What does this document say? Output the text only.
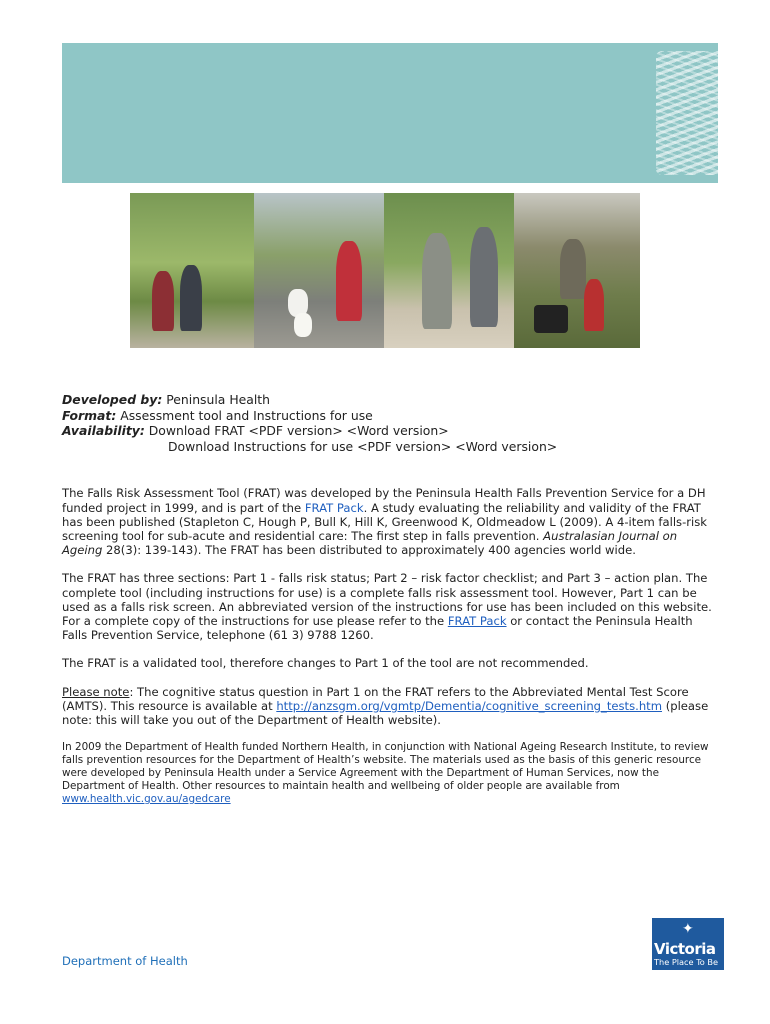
Developed by: Peninsula Health
Format: Assessment tool and Instructions for use
Availability: Download FRAT <PDF version> <Word version>
Download Instructions for use <PDF version> <Word version>

The Falls Risk Assessment Tool (FRAT) was developed by the Peninsula Health Falls Prevention Service for a DH funded project in 1999, and is part of the FRAT Pack. A study evaluating the reliability and validity of the FRAT has been published (Stapleton C, Hough P, Bull K, Hill K, Greenwood K, Oldmeadow L (2009). A 4-item falls-risk screening tool for sub-acute and residential care: The first step in falls prevention. Australasian Journal on Ageing 28(3): 139-143). The FRAT has been distributed to approximately 400 agencies world wide.

The FRAT has three sections: Part 1 - falls risk status; Part 2 – risk factor checklist; and Part 3 – action plan. The complete tool (including instructions for use) is a complete falls risk assessment tool. However, Part 1 can be used as a falls risk screen. An abbreviated version of the instructions for use has been included on this website. For a complete copy of the instructions for use please refer to the FRAT Pack or contact the Peninsula Health Falls Prevention Service, telephone (61 3) 9788 1260.

The FRAT is a validated tool, therefore changes to Part 1 of the tool are not recommended.

Please note: The cognitive status question in Part 1 on the FRAT refers to the Abbreviated Mental Test Score (AMTS). This resource is available at http://anzsgm.org/vgmtp/Dementia/cognitive_screening_tests.htm (please note: this will take you out of the Department of Health website).

In 2009 the Department of Health funded Northern Health, in conjunction with National Ageing Research Institute, to review falls prevention resources for the Department of Health’s website. The materials used as the basis of this generic resource were developed by Peninsula Health under a Service Agreement with the Department of Human Services, now the Department of Health. Other resources to maintain health and wellbeing of older people are available from www.health.vic.gov.au/agedcare

Department of Health
✦
Victoria
The Place To Be
